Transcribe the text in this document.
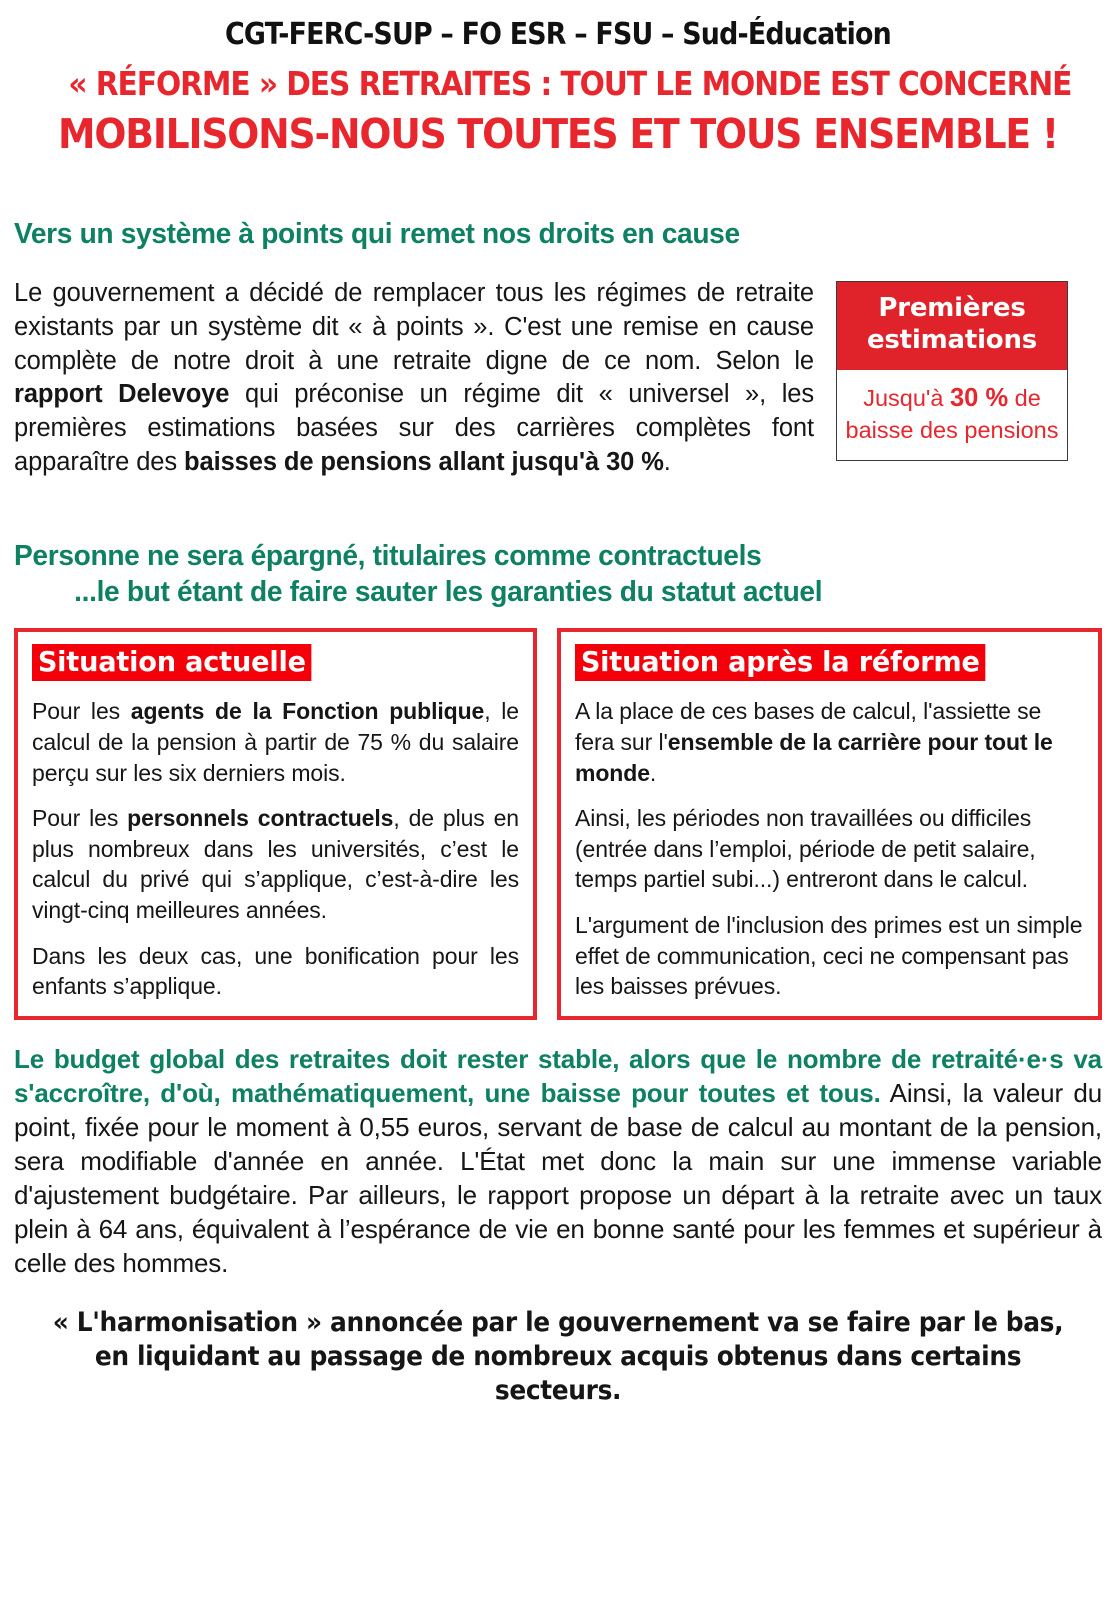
CGT-FERC-SUP – FO ESR – FSU – Sud-Éducation
« RÉFORME » DES RETRAITES : TOUT LE MONDE EST CONCERNÉ
MOBILISONS-NOUS TOUTES ET TOUS ENSEMBLE !
Vers un système à points qui remet nos droits en cause

Le gouvernement a décidé de remplacer tous les régimes de retraite existants par un système dit « à points ». C'est une remise en cause complète de notre droit à une retraite digne de ce nom. Selon le rapport Delevoye qui préconise un régime dit « universel », les premières estimations basées sur des carrières complètes font apparaître des baisses de pensions allant jusqu'à 30 %.

Premières estimations
Jusqu'à 30 % de baisse des pensions
Personne ne sera épargné, titulaires comme contractuels
...le but étant de faire sauter les garanties du statut actuel
Situation actuelle

Pour les agents de la Fonction publique, le calcul de la pension à partir de 75 % du salaire perçu sur les six derniers mois.

Pour les personnels contractuels, de plus en plus nombreux dans les universités, c’est le calcul du privé qui s’applique, c’est-à-dire les vingt-cinq meilleures années.

Dans les deux cas, une bonification pour les enfants s’applique.

Situation après la réforme

A la place de ces bases de calcul, l'assiette se fera sur l'ensemble de la carrière pour tout le monde.

Ainsi, les périodes non travaillées ou difficiles (entrée dans l’emploi, période de petit salaire, temps partiel subi...) entreront dans le calcul.

L'argument de l'inclusion des primes est un simple effet de communication, ceci ne compensant pas les baisses prévues.

Le budget global des retraites doit rester stable, alors que le nombre de retraité·e·s va s'accroître, d'où, mathématiquement, une baisse pour toutes et tous. Ainsi, la valeur du point, fixée pour le moment à 0,55 euros, servant de base de calcul au montant de la pension, sera modifiable d'année en année. L'État met donc la main sur une immense variable d'ajustement budgétaire. Par ailleurs, le rapport propose un départ à la retraite avec un taux plein à 64 ans, équivalent à l’espérance de vie en bonne santé pour les femmes et supérieur à celle des hommes.

« L'harmonisation » annoncée par le gouvernement va se faire par le bas, en liquidant au passage de nombreux acquis obtenus dans certains secteurs.
